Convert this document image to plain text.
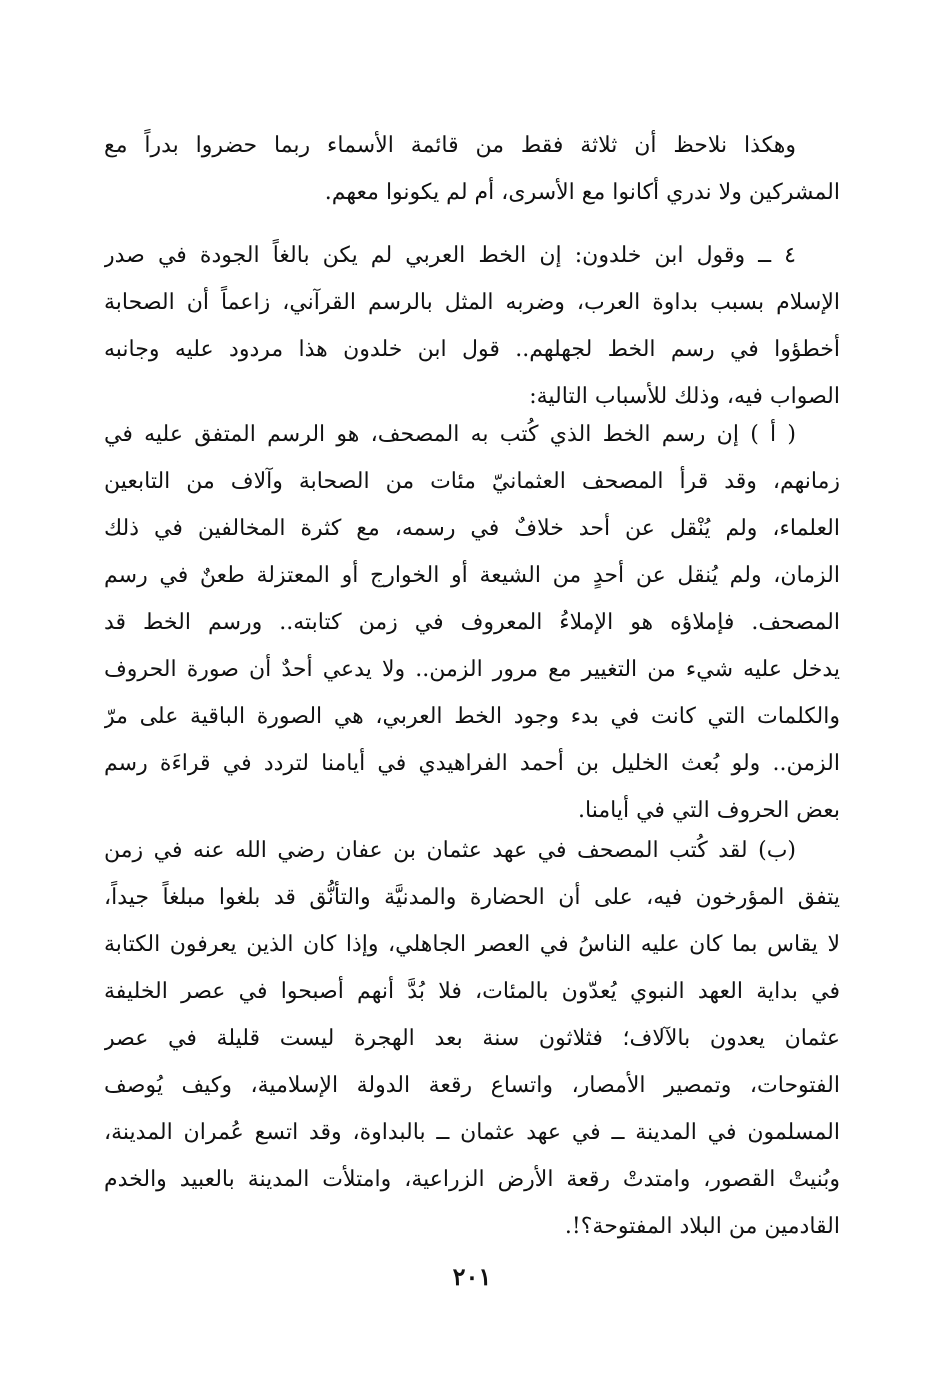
وهكذا نلاحظ أن ثلاثة فقط من قائمة الأسماء ربما حضروا بدراً مع
المشركين ولا ندري أكانوا مع الأسرى، أم لم يكونوا معهم.
٤ ــ وقول ابن خلدون: إن الخط العربي لم يكن بالغاً الجودة في صدر
الإسلام بسبب بداوة العرب، وضربه المثل بالرسم القرآني، زاعماً أن الصحابة
أخطؤوا في رسم الخط لجهلهم.. قول ابن خلدون هذا مردود عليه وجانبه
الصواب فيه، وذلك للأسباب التالية:
( أ ) إن رسم الخط الذي كُتب به المصحف، هو الرسم المتفق عليه في
زمانهم، وقد قرأ المصحف العثمانيّ مئات من الصحابة وآلاف من التابعين
العلماء، ولم يُنْقل عن أحد خلافٌ في رسمه، مع كثرة المخالفين في ذلك
الزمان، ولم يُنقل عن أحدٍ من الشيعة أو الخوارج أو المعتزلة طعنٌ في رسم
المصحف. فإملاؤه هو الإملاءُ المعروف في زمن كتابته.. ورسم الخط قد
يدخل عليه شيء من التغيير مع مرور الزمن.. ولا يدعي أحدٌ أن صورة الحروف
والكلمات التي كانت في بدء وجود الخط العربي، هي الصورة الباقية على مرّ
الزمن.. ولو بُعث الخليل بن أحمد الفراهيدي في أيامنا لتردد في قراءَة رسم
بعض الحروف التي في أيامنا.
(ب) لقد كُتب المصحف في عهد عثمان بن عفان رضي الله عنه في زمن
يتفق المؤرخون فيه، على أن الحضارة والمدنيَّة والتأنُّق قد بلغوا مبلغاً جيداً،
لا يقاس بما كان عليه الناسُ في العصر الجاهلي، وإذا كان الذين يعرفون الكتابة
في بداية العهد النبوي يُعدّون بالمئات، فلا بُدَّ أنهم أصبحوا في عصر الخليفة
عثمان يعدون بالآلاف؛ فثلاثون سنة بعد الهجرة ليست قليلة في عصر
الفتوحات، وتمصير الأمصار، واتساع رقعة الدولة الإسلامية، وكيف يُوصف
المسلمون في المدينة ــ في عهد عثمان ــ بالبداوة، وقد اتسع عُمران المدينة،
وبُنيتْ القصور، وامتدتْ رقعة الأرض الزراعية، وامتلأت المدينة بالعبيد والخدم
القادمين من البلاد المفتوحة؟!.
٢٠١
